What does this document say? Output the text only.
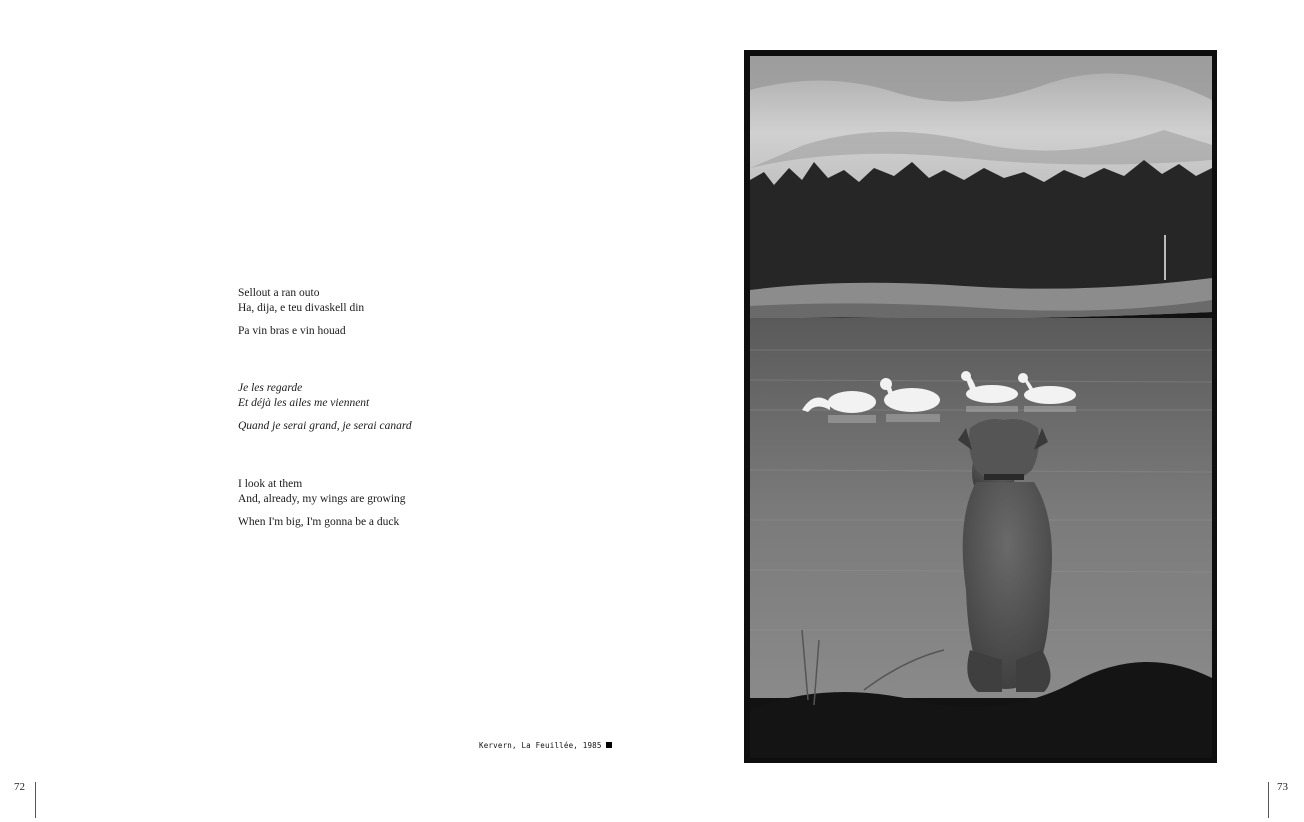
Sellout a ran outo
Ha, dija, e teu divaskell din
Pa vin bras e vin houad

Je les regarde
Et déjà les ailes me viennent
Quand je serai grand, je serai canard

I look at them
And, already, my wings are growing
When I'm big, I'm gonna be a duck

Kervern, La Feuillée, 1985
72	73
